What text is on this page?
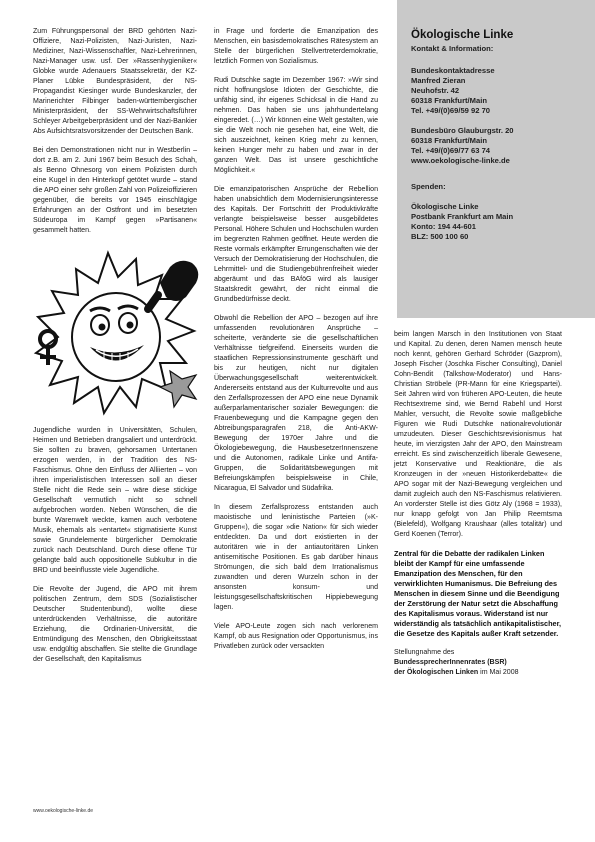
Zum Führungspersonal der BRD gehörten Nazi-Offiziere, Nazi-Polizisten, Nazi-Juristen, Nazi-Mediziner, Nazi-Wissenschaftler, Nazi-Lehrerinnen, Nazi-Manager usw. usf. Der »Rassenhygieniker« Globke wurde Adenauers Staatssekretär, der KZ-Planer Lübke Bundespräsident, der NS-Propagandist Kiesinger wurde Bundeskanzler, der Marinerichter Filbinger baden-württembergischer Ministerpräsident, der SS-Wehrwirtschaftsführer Schleyer Arbeitgeberpräsident und der Nazi-Bankier Abs Aufsichtsratsvorsitzender der Deutschen Bank.

Bei den Demonstrationen nicht nur in Westberlin – dort z.B. am 2. Juni 1967 beim Besuch des Schah, als Benno Ohnesorg von einem Polizisten durch eine Kugel in den Hinterkopf getötet wurde – stand die APO einer sehr großen Zahl von Polizeioffizieren gegenüber, die bereits vor 1945 einschlägige Erfahrungen an der Ostfront und im besetzten Südeuropa im Kampf gegen »Partisanen« gesammelt hatten.

Jugendliche wurden in Universitäten, Schulen, Heimen und Betrieben drangsaliert und unterdrückt. Sie sollten zu braven, gehorsamen Untertanen erzogen werden, in der Tradition des NS-Faschismus. Ohne den Einfluss der Alliierten – von ihren imperialistischen Interessen soll an dieser Stelle nicht die Rede sein – wäre diese stickige Gesellschaft vermutlich nicht so schnell aufgebrochen worden. Neben Wünschen, die die bunte Warenwelt weckte, kamen auch verbotene Musik, ehemals als »entartet« stigmatisierte Kunst sowie Grundelemente bürgerlicher Demokratie zurück nach Deutschland. Durch diese offene Tür gelangte bald auch oppositionelle Subkultur in die BRD und beeinflusste viele Jugendliche.

Die Revolte der Jugend, die APO mit ihrem politischen Zentrum, dem SDS (Sozialistischer Deutscher Studentenbund), wollte diese unterdrückenden Verhältnisse, die autoritäre Erziehung, die Ordinarien-Universität, die Entmündigung des Menschen, den Obrigkeitsstaat usw. endgültig abschaffen. Sie stellte die Grundlage der Gesellschaft, den Kapitalismus

in Frage und forderte die Emanzipation des Menschen, ein basisdemokratisches Rätesystem an Stelle der bürgerlichen Stellvertreterdemokratie, letztlich Formen von Sozialismus.

Rudi Dutschke sagte im Dezember 1967: »Wir sind nicht hoffnungslose Idioten der Geschichte, die unfähig sind, ihr eigenes Schicksal in die Hand zu nehmen. Das haben sie uns jahrhundertelang eingeredet. (…) Wir können eine Welt gestalten, wie sie die Welt noch nie gesehen hat, eine Welt, die sich auszeichnet, keinen Krieg mehr zu kennen, keinen Hunger mehr zu haben und zwar in der ganzen Welt. Das ist unsere geschichtliche Möglichkeit.«

Die emanzipatorischen Ansprüche der Rebellion haben unabsichtlich dem Modernisierungsinteresse des Kapitals. Der Fortschritt der Produktivkräfte verlangte beispielsweise besser ausgebildetes Personal. Höhere Schulen und Hochschulen wurden im begrenzten Rahmen geöffnet. Heute werden die Reste vormals erkämpfter Errungenschaften wie der Versuch der Demokratisierung der Hochschulen, die Lehrmittel- und die Studiengebührenfreiheit wieder abgeräumt und das BAföG wird als lausiger Staatskredit gewährt, der nicht einmal die Grundbedürfnisse deckt.

Obwohl die Rebellion der APO – bezogen auf ihre umfassenden revolutionären Ansprüche – scheiterte, veränderte sie die gesellschaftlichen Verhältnisse tiefgreifend. Einerseits wurden die staatlichen Repressionsinstrumente geschärft und bis zur heutigen, nicht nur digitalen Überwachungsgesellschaft weiterentwickelt. Andererseits entstand aus der Kulturrevolte und aus den Zerfallsprozessen der APO eine neue Dynamik außerparlamentarischer sozialer Bewegungen: die Frauenbewegung und die Kampagne gegen den Abtreibungsparagrafen 218, die Anti-AKW-Bewegung der 1970er Jahre und die Ökologiebewegung, die HausbesetzerInnenszene und die Autonomen, radikale Linke und Antifa-Gruppen, die Solidaritätsbewegungen mit Befreiungskämpfen beispielsweise in Chile, Nicaragua, El Salvador und Südafrika.

In diesem Zerfallsprozess entstanden auch maoistische und leninistische Parteien (»K-Gruppen«), die sogar »die Nation« für sich wieder entdeckten. Da und dort existierten in der autoritären wie in der antiautoritären Linken antisemitische Positionen. Es gab darüber hinaus Strömungen, die sich bald dem Irrationalismus zuwandten und deren Wurzeln schon in der ansonsten konsum- und leistungsgesellschaftskritischen Hippiebewegung lagen.

Viele APO-Leute zogen sich nach verlorenem Kampf, ob aus Resignation oder Opportunismus, ins Privatleben zurück oder versackten

Ökologische Linke
Kontakt & Information:
Bundeskontaktadresse
Manfred Zieran
Neuhofstr. 42
60318 Frankfurt/Main
Tel. +49/(0)69/59 92 70
Bundesbüro Glauburgstr. 20
60318 Frankfurt/Main
Tel. +49/(0)69/77 63 74
www.oekologische-linke.de
Spenden:
Ökologische Linke
Postbank Frankfurt am Main
Konto: 194 44-601
BLZ: 500 100 60

beim langen Marsch in den Institutionen von Staat und Kapital. Zu denen, deren Namen mensch heute noch kennt, gehören Gerhard Schröder (Gazprom), Joseph Fischer (Joschka Fischer Consulting), Daniel Cohn-Bendit (Talkshow-Moderator) und Hans-Christian Ströbele (PR-Mann für eine Kriegspartei). Seit Jahren wird von früheren APO-Leuten, die heute Rechtsextreme sind, wie Bernd Rabehl und Horst Mahler, versucht, die Revolte sowie maßgebliche Figuren wie Rudi Dutschke nationalrevolutionär umzudeuten. Dieser Geschichtsrevisionismus hat heute, im vierzigsten Jahr der APO, den Mainstream erreicht. Es sind zwischenzeitlich liberale Gewesene, jetzt Konservative und Reaktionäre, die als Kronzeugen in der »neuen Historikerdebatte« die APO sogar mit der Nazi-Bewegung vergleichen und damit zugleich auch den NS-Faschismus relativieren. An vorderster Stelle ist dies Götz Aly (1968 = 1933), nur knapp gefolgt von Jan Philip Reemtsma (Bielefeld), Wolfgang Kraushaar (alles totalitär) und Gerd Koenen (Terror).

Zentral für die Debatte der radikalen Linken bleibt der Kampf für eine umfassende Emanzipation des Menschen, für den verwirklichten Humanismus. Die Befreiung des Menschen in diesem Sinne und die Beendigung der Zerstörung der Natur setzt die Abschaffung des Kapitalismus voraus. Widerstand ist nur widerständig als tatsächlich antikapitalistischer, die Gesetze des Kapitals außer Kraft setzender.

Stellungnahme des
BundessprecherInnenrates (BSR)
der Ökologischen Linken im Mai 2008
www.oekologische-linke.de
